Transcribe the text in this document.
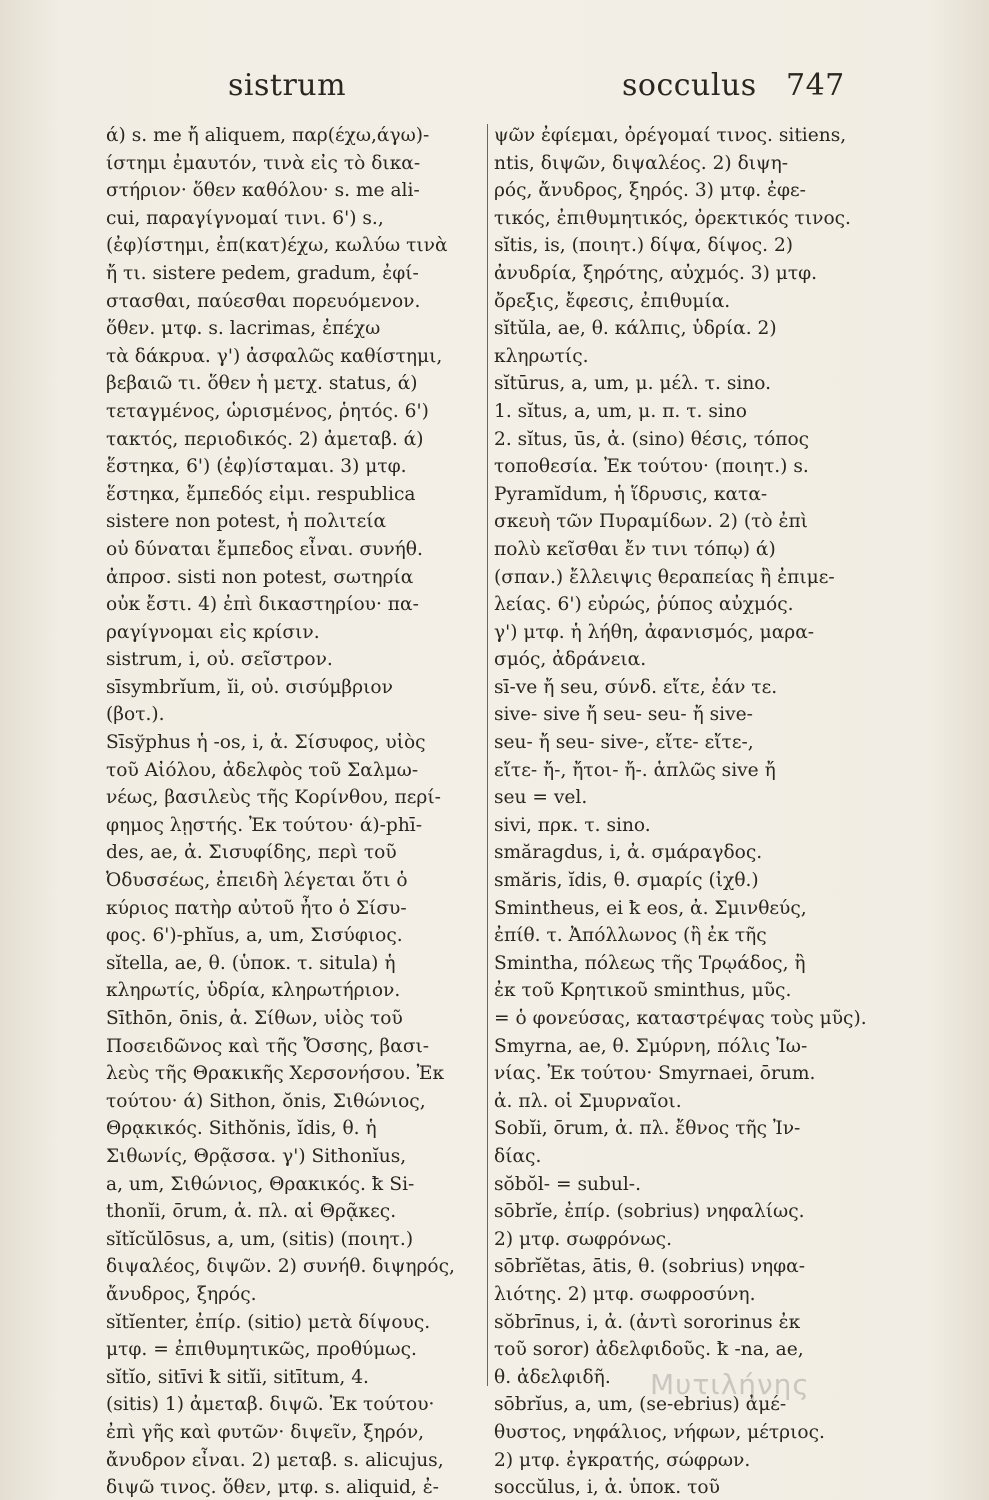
sistrum	socculus 747
ά) s. me ἤ aliquem, παρ(έχω,άγω)-
ίστημι ἐμαυτόν, τινὰ εἰς τὸ δικα-
στήριον· ὅθεν καθόλου· s. me ali-
cui, παραγίγνομαί τινι. 6') s.,
(ἐφ)ίστημι, ἐπ(κατ)έχω, κωλύω τινὰ
ἤ τι. sistere pedem, gradum, ἐφί-
στασθαι, παύεσθαι πορευόμενον.
ὅθεν. μτφ. s. lacrimas, ἐπέχω
τὰ δάκρυα. γ') ἀσφαλῶς καθίστημι,
βεβαιῶ τι. ὅθεν ἡ μετχ. status, ά)
τεταγμένος, ὡρισμένος, ῥητός. 6')
τακτός, περιοδικός. 2) ἀμεταβ. ά)
ἕστηκα, 6') (ἐφ)ίσταμαι. 3) μτφ.
ἕστηκα, ἔμπεδός εἰμι. respublica
sistere non potest, ἡ πολιτεία
οὐ δύναται ἔμπεδος εἶναι. συνήθ.
ἀπροσ. sisti non potest, σωτηρία
οὐκ ἔστι. 4) ἐπὶ δικαστηρίου· πα-
ραγίγνομαι εἰς κρίσιν.
sistrum, i, οὐ. σεῖστρον.
sīsymbrĭum, ĭi, οὐ. σισύμβριον
(βοτ.).
Sīsўphus ἡ -os, i, ἀ. Σίσυφος, υἱὸς
τοῦ Αἰόλου, ἀδελφὸς τοῦ Σαλμω-
νέως, βασιλεὺς τῆς Κορίνθου, περί-
φημος λῃστής. Ἐκ τούτου· ά)-phī-
des, ae, ἀ. Σισυφίδης, περὶ τοῦ
Ὀδυσσέως, ἐπειδὴ λέγεται ὅτι ὁ
κύριος πατὴρ αὐτοῦ ἦτο ὁ Σίσυ-
φος. 6')-phĭus, a, um, Σισύφιος.
sĭtella, ae, θ. (ὑποκ. τ. situla) ἡ
κληρωτίς, ὑδρία, κληρωτήριον.
Sīthōn, ōnis, ἀ. Σίθων, υἱὸς τοῦ
Ποσειδῶνος καὶ τῆς Ὄσσης, βασι-
λεὺς τῆς Θρακικῆς Χερσονήσου. Ἐκ
τούτου· ά) Sithon, ŏnis, Σιθώνιος,
Θρᾳκικός. Sithŏnis, ĭdis, θ. ἡ
Σιθωνίς, Θρᾷσσα. γ') Sithonĭus,
a, um, Σιθώνιος, Θρακικός. ꝁ Si-
thonĭi, ōrum, ἀ. πλ. αἱ Θρᾷκες.
sĭtĭcŭlōsus, a, um, (sitis) (ποιητ.)
διψαλέος, διψῶν. 2) συνήθ. διψηρός,
ἄνυδρος, ξηρός.
sĭtĭenter, ἐπίρ. (sitio) μετὰ δίψους.
μτφ. = ἐπιθυμητικῶς, προθύμως.
sĭtĭo, sitīvi ꝁ sitĭi, sitītum, 4.
(sitis) 1) ἀμεταβ. διψῶ. Ἐκ τούτου·
ἐπὶ γῆς καὶ φυτῶν· διψεῖν, ξηρόν,
ἄνυδρον εἶναι. 2) μεταβ. s. alicujus,
διψῶ τινος. ὅθεν, μτφ. s. aliquid, ἐ-
ψῶν ἐφίεμαι, ὀρέγομαί τινος. sitiens,
ntis, διψῶν, διψαλέος. 2) διψη-
ρός, ἄνυδρος, ξηρός. 3) μτφ. ἐφε-
τικός, ἐπιθυμητικός, ὀρεκτικός τινος.
sĭtis, is, (ποιητ.) δίψα, δίψος. 2)
ἀνυδρία, ξηρότης, αὐχμός. 3) μτφ.
ὄρεξις, ἔφεσις, ἐπιθυμία.
sĭtŭla, ae, θ. κάλπις, ὑδρία. 2)
κληρωτίς.
sĭtūrus, a, um, μ. μέλ. τ. sino.
1. sĭtus, a, um, μ. π. τ. sino
2. sĭtus, ūs, ἀ. (sino) θέσις, τόπος
τοποθεσία. Ἐκ τούτου· (ποιητ.) s.
Pyramĭdum, ἡ ἵδρυσις, κατα-
σκευὴ τῶν Πυραμίδων. 2) (τὸ ἐπὶ
πολὺ κεῖσθαι ἔν τινι τόπῳ) ά)
(σπαν.) ἔλλειψις θεραπείας ἢ ἐπιμε-
λείας. 6') εὐρώς, ῥύπος αὐχμός.
γ') μτφ. ἡ λήθη, ἀφανισμός, μαρα-
σμός, ἀδράνεια.
sī-ve ἤ seu, σύνδ. εἴτε, ἐάν τε.
sive- sive ἤ seu- seu- ἤ sive-
seu- ἤ seu- sive-, εἴτε- εἴτε-,
εἴτε- ἤ-, ἤτοι- ἤ-. ἁπλῶς sive ἤ
seu = vel.
sivi, πρκ. τ. sino.
smăragdus, i, ἀ. σμάραγδος.
smăris, ĭdis, θ. σμαρίς (ἰχθ.)
Smintheus, ei ꝁ eos, ἀ. Σμινθεύς,
ἐπίθ. τ. Ἀπόλλωνος (ἢ ἐκ τῆς
Smintha, πόλεως τῆς Τρῳάδος, ἢ
ἐκ τοῦ Κρητικοῦ sminthus, μῦς.
= ὁ φονεύσας, καταστρέψας τοὺς μῦς).
Smyrna, ae, θ. Σμύρνη, πόλις Ἰω-
νίας. Ἐκ τούτου· Smyrnaei, ōrum.
ἀ. πλ. οἱ Σμυρναῖοι.
Sobĭi, ōrum, ἀ. πλ. ἔθνος τῆς Ἰν-
δίας.
sŏbŏl- = subul-.
sōbrĭe, ἐπίρ. (sobrius) νηφαλίως.
2) μτφ. σωφρόνως.
sōbrĭĕtas, ātis, θ. (sobrius) νηφα-
λιότης. 2) μτφ. σωφροσύνη.
sŏbrīnus, i, ἀ. (ἀντὶ sororinus ἐκ
τοῦ soror) ἀδελφιδοῦς. ꝁ -na, ae,
θ. ἀδελφιδῆ.
sōbrĭus, a, um, (se-ebrius) ἀμέ-
θυστος, νηφάλιος, νήφων, μέτριος.
2) μτφ. ἐγκρατής, σώφρων.
soccŭlus, i, ἀ. ὑποκ. τοῦ
Μυτιλήνης
